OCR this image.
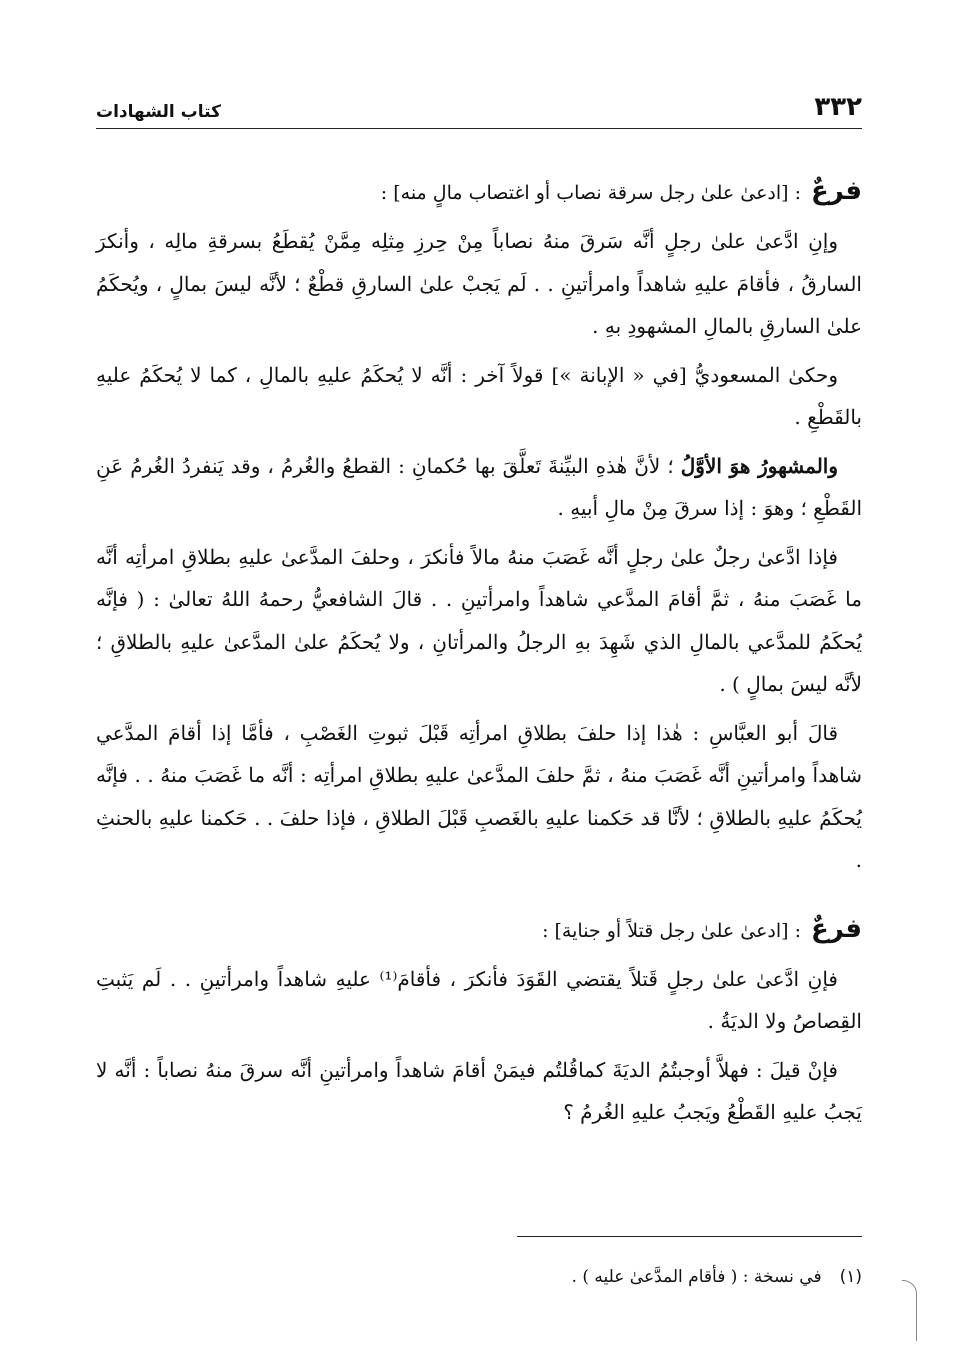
٣٣٢
كتاب الشهادات

فرعٌ: [ادعىٰ علىٰ رجل سرقة نصاب أو اغتصاب مالٍ منه] :

وإنِ ادَّعىٰ علىٰ رجلٍ أنَّه سَرقَ منهُ نصاباً مِنْ حِرزِ مِثلِه مِمَّنْ يُقطَعُ بسرقةِ مالِه ، وأنكرَ السارقُ ، فأقامَ عليهِ شاهداً وامرأتينِ . . لَم يَجبْ علىٰ السارقِ قطْعٌ ؛ لأنَّه ليسَ بمالٍ ، ويُحكَمُ علىٰ السارقِ بالمالِ المشهودِ بهِ .

وحكىٰ المسعوديُّ [في « الإبانة »] قولاً آخر : أنَّه لا يُحكَمُ عليهِ بالمالِ ، كما لا يُحكَمُ عليهِ بالقَطْعِ .

والمشهورُ هوَ الأوَّلُ ؛ لأنَّ هٰذهِ البيِّنةَ تَعلَّقَ بها حُكمانِ : القطعُ والغُرمُ ، وقد يَنفردُ الغُرمُ عَنِ القَطْعِ ؛ وهوَ : إذا سرقَ مِنْ مالِ أبيهِ .

فإذا ادَّعىٰ رجلٌ علىٰ رجلٍ أنَّه غَصَبَ منهُ مالاً فأنكرَ ، وحلفَ المدَّعىٰ عليهِ بطلاقِ امرأتِه أنَّه ما غَصَبَ منهُ ، ثمَّ أقامَ المدَّعي شاهداً وامرأتينِ . . قالَ الشافعيُّ رحمهُ اللهُ تعالىٰ : ( فإنَّه يُحكَمُ للمدَّعي بالمالِ الذي شَهِدَ بهِ الرجلُ والمرأتانِ ، ولا يُحكَمُ علىٰ المدَّعىٰ عليهِ بالطلاقِ ؛ لأنَّه ليسَ بمالٍ ) .

قالَ أبو العبَّاسِ : هٰذا إذا حلفَ بطلاقِ امرأتِه قَبْلَ ثبوتِ الغَصْبِ ، فأمَّا إذا أقامَ المدَّعي شاهداً وامرأتينِ أنَّه غَصَبَ منهُ ، ثمَّ حلفَ المدَّعىٰ عليهِ بطلاقِ امرأتِه : أنَّه ما غَصَبَ منهُ . . فإنَّه يُحكَمُ عليهِ بالطلاقِ ؛ لأنَّا قد حَكمنا عليهِ بالغَصبِ قَبْلَ الطلاقِ ، فإذا حلفَ . . حَكمنا عليهِ بالحنثِ .

فرعٌ: [ادعىٰ علىٰ رجل قتلاً أو جناية] :

فإنِ ادَّعىٰ علىٰ رجلٍ قَتلاً يقتضي القَوَدَ فأنكرَ ، فأقامَ⁽¹⁾ عليهِ شاهداً وامرأتينِ . . لَم يَثبتِ القِصاصُ ولا الديَةُ .

فإنْ قيلَ : فهلاَّ أوجبتُمُ الديَةَ كماقُلتُم فيمَنْ أقامَ شاهداً وامرأتينِ أنَّه سرقَ منهُ نصاباً : أنَّه لا يَجبُ عليهِ القَطْعُ ويَجبُ عليهِ الغُرمُ ؟

(١)
في نسخة : ( فأقام المدَّعىٰ عليه ) .
